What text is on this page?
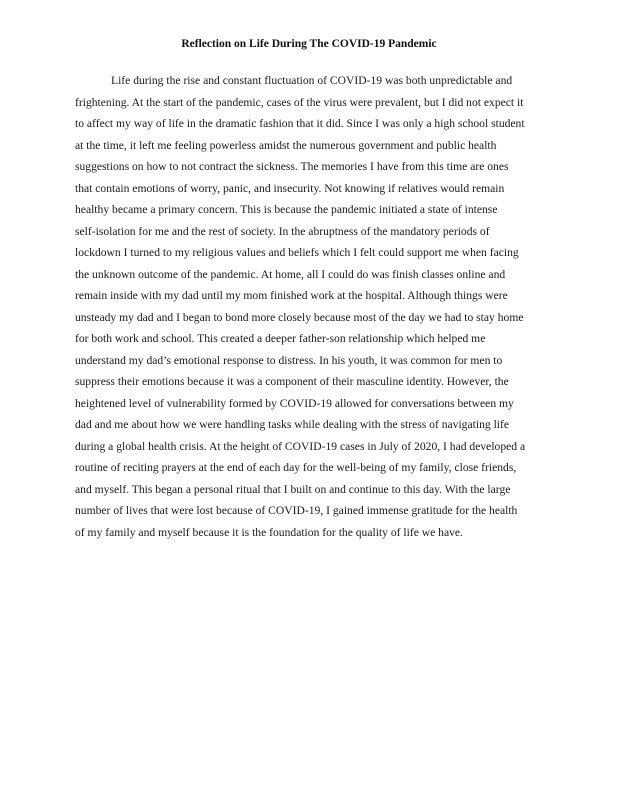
Reflection on Life During The COVID-19 Pandemic
Life during the rise and constant fluctuation of COVID-19 was both unpredictable and
frightening. At the start of the pandemic, cases of the virus were prevalent, but I did not expect it
to affect my way of life in the dramatic fashion that it did. Since I was only a high school student
at the time, it left me feeling powerless amidst the numerous government and public health
suggestions on how to not contract the sickness. The memories I have from this time are ones
that contain emotions of worry, panic, and insecurity. Not knowing if relatives would remain
healthy became a primary concern. This is because the pandemic initiated a state of intense
self-isolation for me and the rest of society. In the abruptness of the mandatory periods of
lockdown I turned to my religious values and beliefs which I felt could support me when facing
the unknown outcome of the pandemic. At home, all I could do was finish classes online and
remain inside with my dad until my mom finished work at the hospital. Although things were
unsteady my dad and I began to bond more closely because most of the day we had to stay home
for both work and school. This created a deeper father-son relationship which helped me
understand my dad’s emotional response to distress. In his youth, it was common for men to
suppress their emotions because it was a component of their masculine identity. However, the
heightened level of vulnerability formed by COVID-19 allowed for conversations between my
dad and me about how we were handling tasks while dealing with the stress of navigating life
during a global health crisis. At the height of COVID-19 cases in July of 2020, I had developed a
routine of reciting prayers at the end of each day for the well-being of my family, close friends,
and myself. This began a personal ritual that I built on and continue to this day. With the large
number of lives that were lost because of COVID-19, I gained immense gratitude for the health
of my family and myself because it is the foundation for the quality of life we have.
